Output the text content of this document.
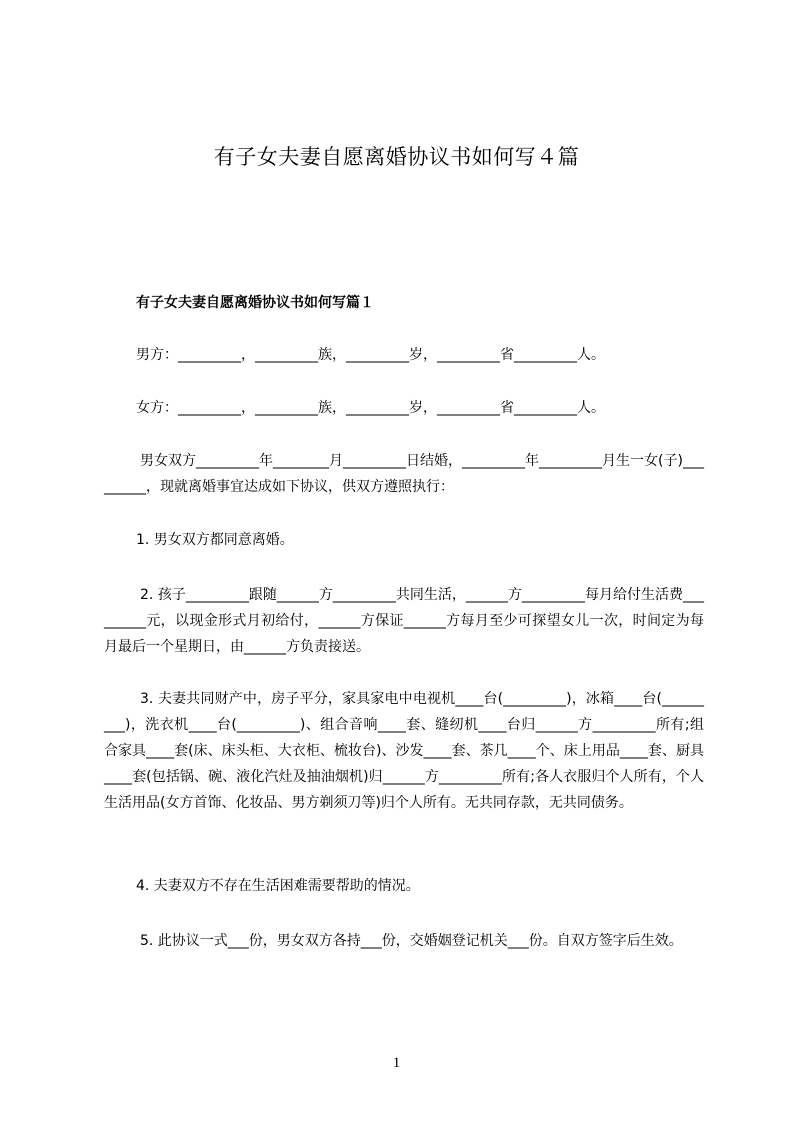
有子女夫妻自愿离婚协议书如何写４篇
有子女夫妻自愿离婚协议书如何写篇１
男方：_________，_________族，_________岁，_________省_________人。
女方：_________，_________族，_________岁，_________省_________人。
男女双方_________年________月_________日结婚，_________年_________月生一女(子)_________，现就离婚事宜达成如下协议，供双方遵照执行：
1. 男女双方都同意离婚。
2. 孩子_________跟随______方_________共同生活，______方_________每月给付生活费_________元，以现金形式月初给付，______方保证______方每月至少可探望女儿一次，时间定为每月最后一个星期日，由______方负责接送。
3. 夫妻共同财产中，房子平分，家具家电中电视机____台(_________)，冰箱____台(_________)，洗衣机____台(_________)、组合音响____套、缝纫机____台归______方_________所有;组合家具____套(床、床头柜、大衣柜、梳妆台)、沙发____套、茶几____个、床上用品____套、厨具____套(包括锅、碗、液化汽灶及抽油烟机)归______方_________所有;各人衣服归个人所有，个人生活用品(女方首饰、化妆品、男方剃须刀等)归个人所有。无共同存款，无共同债务。
4. 夫妻双方不存在生活困难需要帮助的情况。
5. 此协议一式___份，男女双方各持___份，交婚姻登记机关___份。自双方签字后生效。
1
